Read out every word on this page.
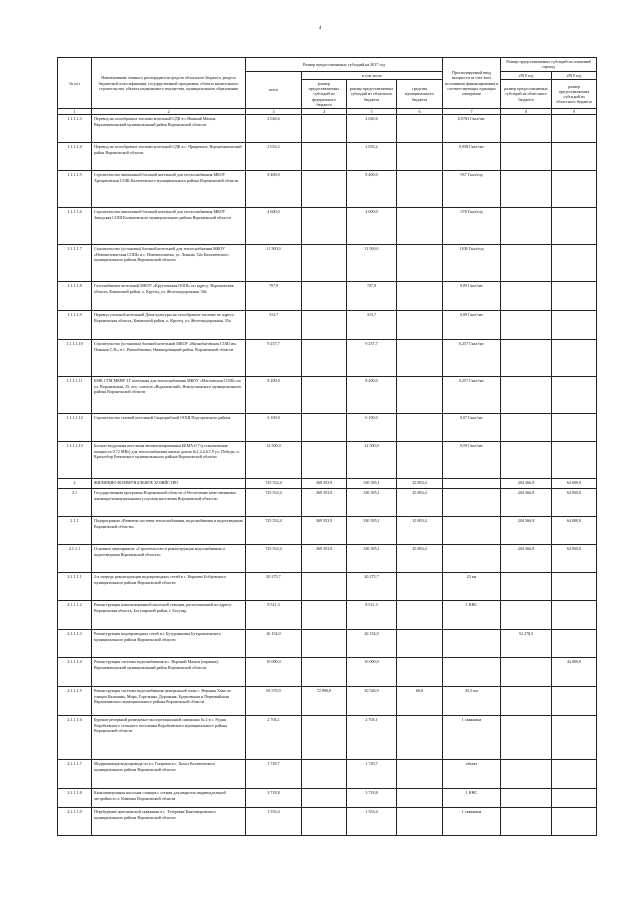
4
№ п/п	Наименование главного распорядителя средств областного бюджета, раздела бюджетной классификации, государственной программы, объекта капитального строительства, объекта недвижимого имущества, муниципального образования	Размер предоставляемых субсидий на 2017 год				Прогнозируемый ввод мощности за счет всех источников финансирования в соответствующих единицах измерения	Размер предоставляемых субсидий на плановый период	
		всего	в том числе				2018 год	2019 год
			размер предоставляемых субсидий из федерального бюджета	размер предоставляемых субсидий из областного бюджета	средства муниципального бюджета		размер предоставляемых субсидий из областного бюджета	размер предоставляемых субсидий из областного бюджета
1	2	3	4	5	6	7	8	9
1.1.1.1.3	Перевод на газообразное топливо котельной СДК в с.Нижний Мамон, Верхнемамонский муниципальный район Воронежской области	2 026,6		2 026,6		0,0763 Гкал/час		
1.1.1.1.4	Перевод на газообразное топливо котельной СДК в с. Приречное, Верхнемамонский район Воронежской области	2 033,2		2 033,2		0,058 Гкал/час		
1.1.1.1.5	Строительство автономной блочной котельной для теплоснабжения МКОУ Хрещатовская СОШ Калачеевского муниципального района Воронежской области	8 400,0		8 400,0		937 Гкал/год		
1.1.1.1.6	Строительство автономной блочной котельной для теплоснабжения МКОУ Заводская СОШ Калачеевского муниципального района Воронежской области	4 600,0		4 600,0		578 Гкал/год		
1.1.1.1.7	Строительство (установка) блочной котельной для теплоснабжения МКОУ «Новомеловатская СОШ» в с. Новомеловатка, ул. Ленина, 52а Калачеевского муниципального района Воронежской области	11 500,0		11 500,0		1108 Гкал/год		
1.1.1.1.8	Газоснабжение котельной МКОУ «Крутчанская ООШ» по адресу: Воронежская область, Каменский район, х. Крутец, ул. Железнодорожная, 38а	707,9		707,9		0,09 Гкал/час		
1.1.1.1.9	Перевод угольной котельной Дома культуры на газообразное топливо по адресу: Воронежская область, Каменский район, х. Крутец, ул. Железнодорожная, 35а	313,7		313,7		0,09 Гкал/час		
1.1.1.1.10	Строительство (установка) блочной котельной МКОУ «Визнобатовская СОШ им. Пеньков С.В.» в с. Визнобатовка, Нижнедевицкий район, Воронежской области	9 237,7		9 237,7		0,257 Гкал/час		
1.1.1.1.11	БМК СТМ МКВУ-1Г котельная для теплоснабжения МКОУ «Масловская СОШ» по ул. Воронежская, 25, пос. совхоза «Воронежский» Новоусманского муниципального района Воронежской области	8 200,0		8 200,0		0,257 Гкал/час		
1.1.1.1.12	Строительство газовой котельной Скорорыбской ООШ Подгоренского района	6 100,0		6 100,0		0,07 Гкал/час		
1.1.1.1.13	Блочно-модульная котельная автоматизированная ББМА-0,7 (установленная мощность 0,72 МВт) для теплоснабжения жилых домов №1,2,4,6,7,9 ул. Победы, п. Краснобор Рамонского муниципального района Воронежской области	12 500,0		12 500,0		0,59 Гкал/час		
2	ЖИЛИЩНО-КОММУНАЛЬНОЕ ХОЗЯЙСТВО	725 552,4	369 353,9	330 395,1	25 803,4		204 366,8	64 000,0
2.1	Государственная программа Воронежской области «Обеспечение качественными жилищно-коммунальными услугами населения Воронежской области»	725 552,4	369 353,9	330 395,1	25 803,4		204 366,8	64 000,0
2.1.1	Подпрограмма «Развитие системы теплоснабжения, водоснабжения и водоотведения Воронежской области»	725 552,4	369 353,9	330 395,1	25 803,4		204 366,8	64 000,0
2.1.1.1	Основное мероприятие «Строительство и реконструкция водоснабжения и водоотведения Воронежской области»	725 552,4	369 353,9	330 395,1	25 803,4		204 366,8	64 000,0
2.1.1.1.1	2-я очередь реконструкции водопроводных сетей в с. Коршево Бобровского муниципального района Воронежской области	20 275,7		20 275,7		23 км		
2.1.1.1.2	Реконструкция канализационной насосной станции, расположенной по адресу: Воронежская область, Богучарский район, г. Богучар	8 521,3		8 521,3		1 КНС		
2.1.1.1.3	Реконструкция водопроводных сетей в г. Бутурлиновка Бутурлиновского муниципального района Воронежской области	26 154,0		26 154,0			52 278,5	
2.1.1.1.4	Реконструкция системы водоснабжения в с. Верхний Мамон (окраина), Верхнемамонский муниципальный район Воронежской области	10 000,0		10 000,0				44 000,0
2.1.1.1.5	Реконструкция системы водоснабжения центральной зоны с. Верхняя Хава по улицам Калинина, Мира, Горелкина, Дорожная, Буденовская и Первомайская Верхнехавского муниципального района Воронежской области	93 576,9	72 990,0	20 526,9	60,0	45,5 км		
2.1.1.1.6	Бурение резервной разведочно-эксплуатационной скважины № 2 в с. Рудня Воробьевского сельского поселения Воробьевского муниципального района Воронежской области	2 704,1		2 704,1		1 скважина		
2.1.1.1.7	Модернизация водопровода по ул. Гагарина в с. Хохол Калачеевского муниципального района Воронежской области	1 749,7		1 749,7		объект		
2.1.1.1.8	Канализационная насосная станция с сетями для квартала индивидуальной застройки в г.т. Каменка Воронежской области	3 718,8		3 718,8		1 КНС		
2.1.1.1.9	Перебурение артезианской скважины в с. Тетеревка Кантемировского муниципального района Воронежской области	1 553,4		1 553,4		1 скважина		
